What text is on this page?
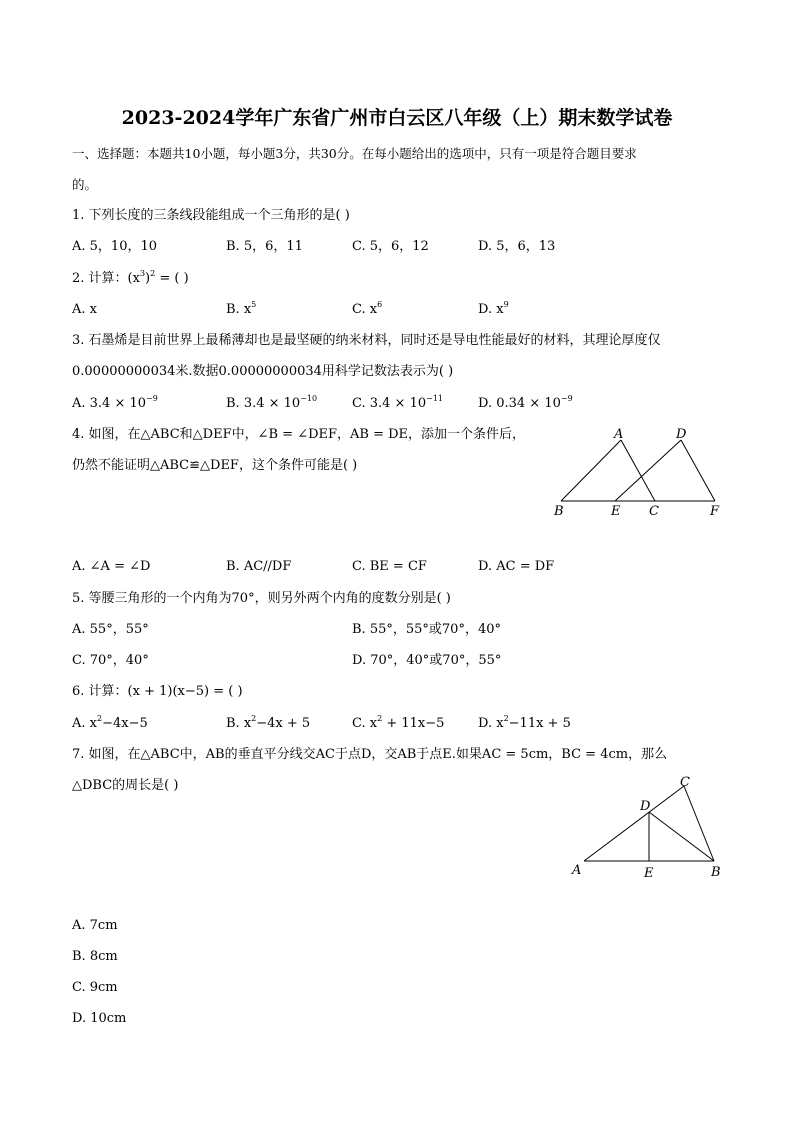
2023-2024学年广东省广州市白云区八年级（上）期末数学试卷
一、选择题：本题共10小题，每小题3分，共30分。在每小题给出的选项中，只有一项是符合题目要求
的。
1. 下列长度的三条线段能组成一个三角形的是( )
A. 5，10，10	B. 5，6，11	C. 5，6，12	D. 5，6，13
2. 计算：$(x^3)^2$ = ( )
A. x	B. $x^5$	C. $x^6$	D. $x^9$
3. 石墨烯是目前世界上最稀薄却也是最坚硬的纳米材料，同时还是导电性能最好的材料，其理论厚度仅
0.00000000034米.数据0.00000000034用科学记数法表示为( )
A. $3.4 \times 10^{-9}$	B. $3.4 \times 10^{-10}$	C. $3.4 \times 10^{-11}$	D. $0.34 \times 10^{-9}$
4. 如图，在△ABC和△DEF中，∠B = ∠DEF，AB = DE，添加一个条件后，
仍然不能证明△ABC≌△DEF，这个条件可能是( )
A	D
B	E C	F
A. ∠A = ∠D	B. AC//DF	C. BE = CF	D. AC = DF
5. 等腰三角形的一个内角为70°，则另外两个内角的度数分别是( )
A. 55°，55°	B. 55°，55°或70°，40°
C. 70°，40°	D. 70°，40°或70°，55°
6. 计算：(x + 1)(x−5) = ( )
A. $x^2-4x-5$	B. $x^2-4x + 5$	C. $x^2 + 11x-5$	D. $x^2-11x + 5$
7. 如图，在△ABC中，AB的垂直平分线交AC于点D，交AB于点E.如果AC = 5cm，BC = 4cm，那么
△DBC的周长是( )	C
D
A	E	B
A. 7cm
B. 8cm
C. 9cm
D. 10cm
